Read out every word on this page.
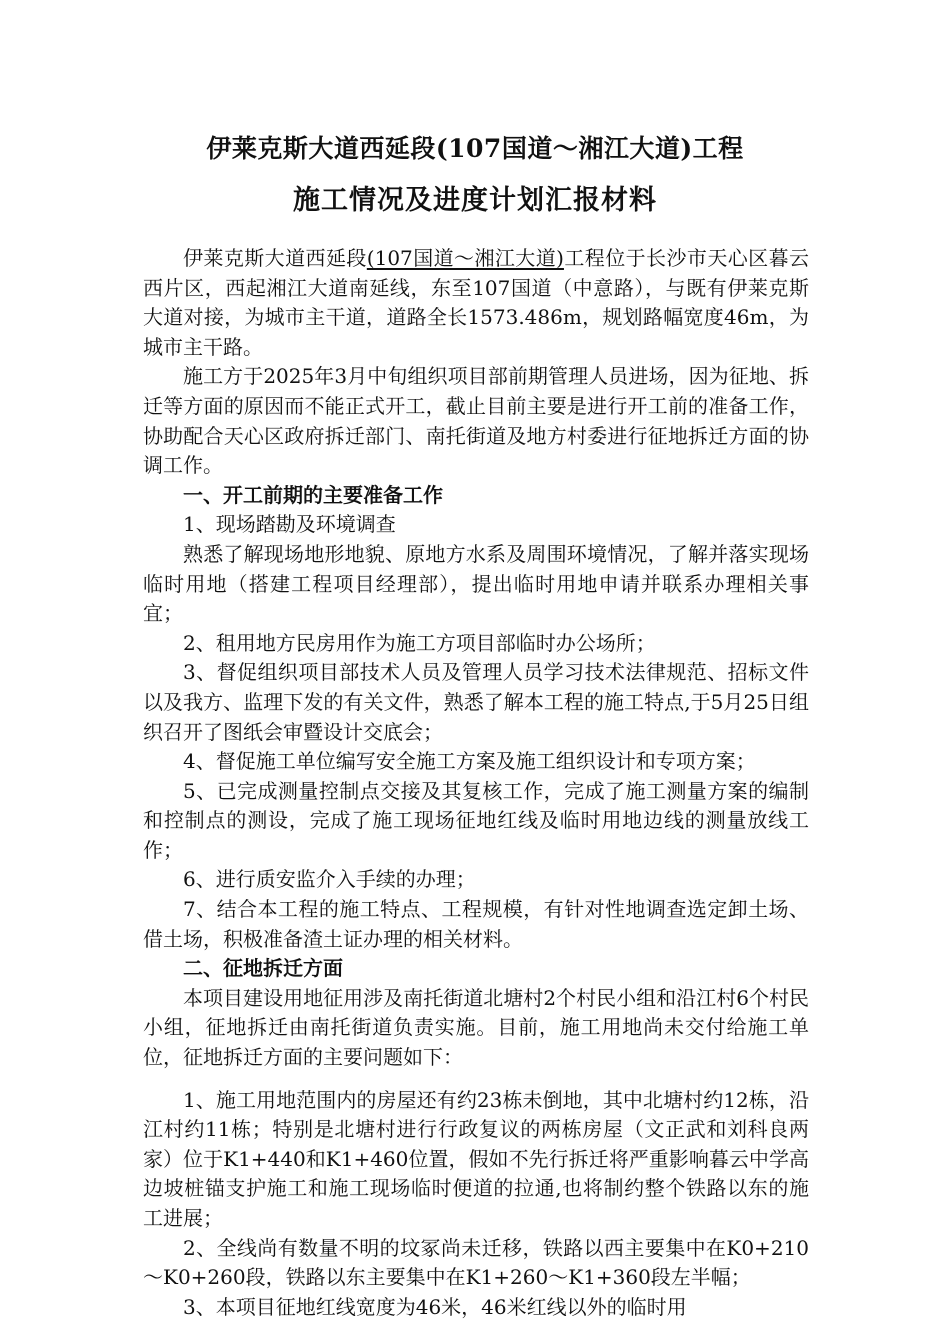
伊莱克斯大道西延段(107国道～湘江大道)工程
施工情况及进度计划汇报材料

伊莱克斯大道西延段(107国道～湘江大道)工程位于长沙市天心区暮云西片区，西起湘江大道南延线，东至107国道（中意路），与既有伊莱克斯大道对接，为城市主干道，道路全长1573.486m，规划路幅宽度46m，为城市主干路。

施工方于2025年3月中旬组织项目部前期管理人员进场，因为征地、拆迁等方面的原因而不能正式开工，截止目前主要是进行开工前的准备工作，协助配合天心区政府拆迁部门、南托街道及地方村委进行征地拆迁方面的协调工作。

一、开工前期的主要准备工作

1、现场踏勘及环境调查

熟悉了解现场地形地貌、原地方水系及周围环境情况，了解并落实现场临时用地（搭建工程项目经理部），提出临时用地申请并联系办理相关事宜；

2、租用地方民房用作为施工方项目部临时办公场所；

3、督促组织项目部技术人员及管理人员学习技术法律规范、招标文件以及我方、监理下发的有关文件，熟悉了解本工程的施工特点,于5月25日组织召开了图纸会审暨设计交底会；

4、督促施工单位编写安全施工方案及施工组织设计和专项方案；

5、已完成测量控制点交接及其复核工作，完成了施工测量方案的编制和控制点的测设，完成了施工现场征地红线及临时用地边线的测量放线工作；

6、进行质安监介入手续的办理；

7、结合本工程的施工特点、工程规模，有针对性地调查选定卸土场、借土场，积极准备渣土证办理的相关材料。

二、征地拆迁方面

本项目建设用地征用涉及南托街道北塘村2个村民小组和沿江村6个村民小组，征地拆迁由南托街道负责实施。目前，施工用地尚未交付给施工单位，征地拆迁方面的主要问题如下：

1、施工用地范围内的房屋还有约23栋未倒地，其中北塘村约12栋，沿江村约11栋；特别是北塘村进行行政复议的两栋房屋（文正武和刘科良两家）位于K1+440和K1+460位置，假如不先行拆迁将严重影响暮云中学高边坡桩锚支护施工和施工现场临时便道的拉通,也将制约整个铁路以东的施工进展；

2、全线尚有数量不明的坟冢尚未迁移，铁路以西主要集中在K0+210～K0+260段，铁路以东主要集中在K1+260～K1+360段左半幅；

3、本项目征地红线宽度为46米，46米红线以外的临时用
